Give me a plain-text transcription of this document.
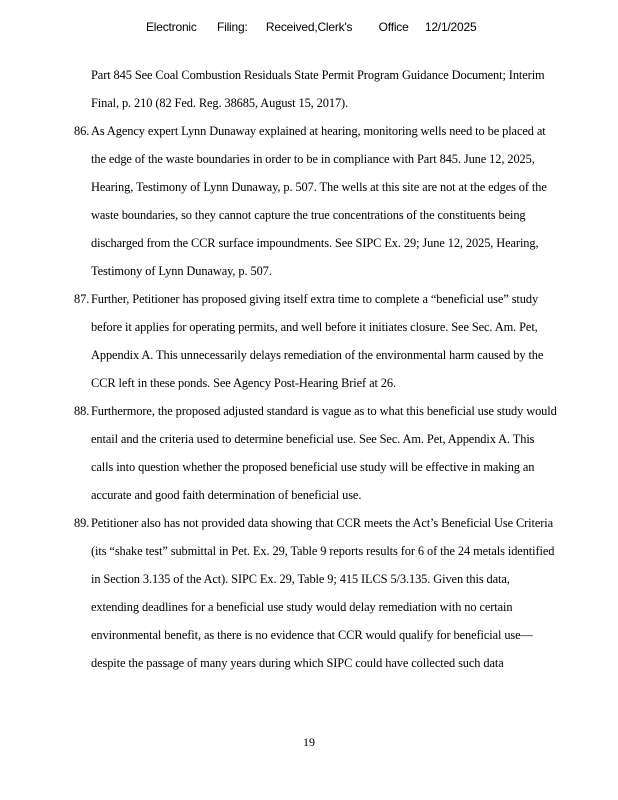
Electronic Filing: Received,Clerk's Office 12/1/2025
Part 845 See Coal Combustion Residuals State Permit Program Guidance Document; Interim
Final, p. 210 (82 Fed. Reg. 38685, August 15, 2017).
86. As Agency expert Lynn Dunaway explained at hearing, monitoring wells need to be placed at
the edge of the waste boundaries in order to be in compliance with Part 845. June 12, 2025,
Hearing, Testimony of Lynn Dunaway, p. 507. The wells at this site are not at the edges of the
waste boundaries, so they cannot capture the true concentrations of the constituents being
discharged from the CCR surface impoundments. See SIPC Ex. 29; June 12, 2025, Hearing,
Testimony of Lynn Dunaway, p. 507.
87. Further, Petitioner has proposed giving itself extra time to complete a “beneficial use” study
before it applies for operating permits, and well before it initiates closure. See Sec. Am. Pet,
Appendix A. This unnecessarily delays remediation of the environmental harm caused by the
CCR left in these ponds. See Agency Post-Hearing Brief at 26.
88. Furthermore, the proposed adjusted standard is vague as to what this beneficial use study would
entail and the criteria used to determine beneficial use. See Sec. Am. Pet, Appendix A. This
calls into question whether the proposed beneficial use study will be effective in making an
accurate and good faith determination of beneficial use.
89. Petitioner also has not provided data showing that CCR meets the Act’s Beneficial Use Criteria
(its “shake test” submittal in Pet. Ex. 29, Table 9 reports results for 6 of the 24 metals identified
in Section 3.135 of the Act). SIPC Ex. 29, Table 9; 415 ILCS 5/3.135. Given this data,
extending deadlines for a beneficial use study would delay remediation with no certain
environmental benefit, as there is no evidence that CCR would qualify for beneficial use—
despite the passage of many years during which SIPC could have collected such data
19
